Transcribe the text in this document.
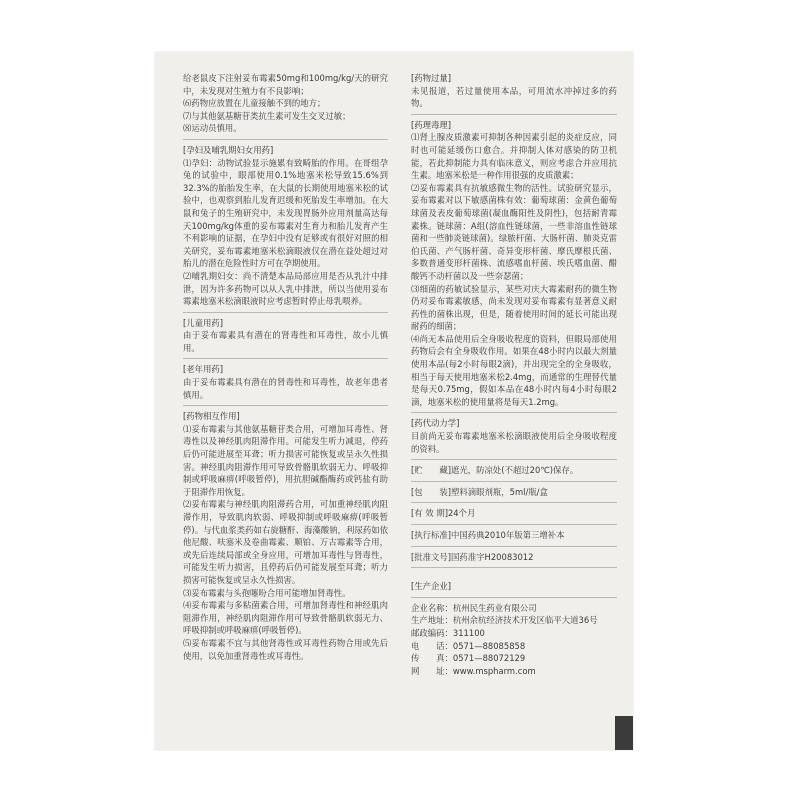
给老鼠皮下注射妥布霉素50mg和100mg/kg/天的研究中，未发现对生殖力有不良影响；
⑹药物应放置在儿童接触不到的地方；
⑺与其他氨基糖苷类抗生素可发生交叉过敏；
⑻运动员慎用。
[孕妇及哺乳期妇女用药]
⑴孕妇：动物试验显示施累有致畸胎的作用。在哥组孕兔的试验中，眼部使用0.1%地塞米松导致15.6%到32.3%的胎胎发生率，在大鼠的长期使用地塞米松的试验中，也观察到胎儿发育迟缓和死胎发生率增加。在大鼠和兔子的生殖研究中，未发现胃肠外应用剂量高达每天100mg/kg体重的妥布霉素对生育力和胎儿发育产生不利影响的证据，在孕妇中没有足够或有很好对照的相关研究，妥布霉素地塞米松滴眼液仅在潜在益处超过对胎儿的潜在危险性时方可在孕期使用。
⑵哺乳期妇女：尚不清楚本品局部应用是否从乳汁中排泄，因为许多药物可以从人乳中排泄，所以当使用妥布霉素地塞米松滴眼液时应考虑暂时停止母乳喂养。
[儿童用药]
由于妥布霉素具有潜在的肾毒性和耳毒性，故小儿慎用。
[老年用药]
由于妥布霉素具有潜在的肾毒性和耳毒性，故老年患者慎用。
[药物相互作用]
⑴妥布霉素与其他氨基糖苷类合用，可增加耳毒性、肾毒性以及神经肌肉阻滞作用。可能发生听力减退，停药后仍可能进展至耳聋；听力损害可能恢复或呈永久性损害。神经肌肉阻滞作用可导致骨骼肌软弱无力、呼吸抑制或呼吸麻痹(呼吸暂停)，用抗胆碱酯酶药或钙盐有助于阻滞作用恢复。
⑵妥布霉素与神经肌肉阻滞药合用，可加重神经肌肉阻滞作用，导致肌肉软弱、呼吸抑制或呼吸麻痹(呼吸暂停)。与代血浆类药如右旋糖酐、海藻酸钠，利尿药如依他尼酸、呋塞米及卷曲霉素、顺铂、万古霉素等合用，或先后连续局部或全身应用，可增加耳毒性与肾毒性，可能发生听力损害，且停药后仍可能发展至耳聋；听力损害可能恢复或呈永久性损害。
⑶妥布霉素与头孢噻吩合用可能增加肾毒性。
⑷妥布霉素与多粘菌素合用，可增加肾毒性和神经肌肉阻滞作用，神经肌肉阻滞作用可导致骨骼肌软弱无力、呼吸抑制或呼吸麻痹(呼吸暂停)。
⑸妥布霉素不宜与其他肾毒性或耳毒性药物合用或先后使用，以免加重肾毒性或耳毒性。
[药物过量]
未见报道，若过量使用本品，可用流水冲掉过多的药物。
[药理毒理]
⑴肾上腺皮质激素可抑制各种因素引起的炎症反应，同时也可能延缓伤口愈合。并抑制人体对感染的防卫机能，若此抑制能力具有临床意义，则应考虑合并应用抗生素。地塞米松是一种作用很强的皮质激素；
⑵妥布霉素具有抗敏感微生物的活性。试验研究显示，妥布霉素对以下敏感菌株有效：葡萄球菌：金黄色葡萄球菌及表皮葡萄球菌(凝血酶阳性及阴性)，包括耐青霉素株。链球菌：A组(溶血性链球菌，一些非溶血性链球菌和一些肺炎链球菌)。绿脓杆菌、大肠杆菌、肺炎克雷伯氏菌、产气肠杆菌、奇异变形杆菌、摩氏摩根氏菌、多数普通变形杆菌株、流感嗜血杆菌、埃氏嗜血菌、醋酸钙不动杆菌以及一些奈瑟菌；
⑶细菌的药敏试验显示，某些对庆大霉素耐药的微生物仍对妥布霉素敏感，尚未发现对妥布霉素有显著意义耐药性的菌株出现，但是，随着使用时间的延长可能出现耐药的细菌；
⑷尚无本品使用后全身吸收程度的资料，但眼局部使用药物后会有全身吸收作用。如果在48小时内以最大剂量使用本品(每2小时每眼2滴)，并出现完全的全身吸收，相当于每天使用地塞米松2.4mg，而通常的生理替代量是每天0.75mg，假如本品在48小时内每4小时每眼2滴，地塞米松的使用量将是每天1.2mg。
[药代动力学]
目前尚无妥布霉素地塞米松滴眼液使用后全身吸收程度的资料。
[贮　　藏]遮光，防凉处(不超过20℃)保存。
[包　　装]塑料滴眼剂瓶，5ml/瓶/盒
[有 效 期]24个月
[执行标准]中国药典2010年版第三增补本
[批准文号]国药准字H20083012
[生产企业]
企业名称：杭州民生药业有限公司
生产地址：杭州余杭经济技术开发区临平大道36号
邮政编码：311100
电　　话：0571—88085858
传　　真：0571—88072129
网　　址：www.mspharm.com
